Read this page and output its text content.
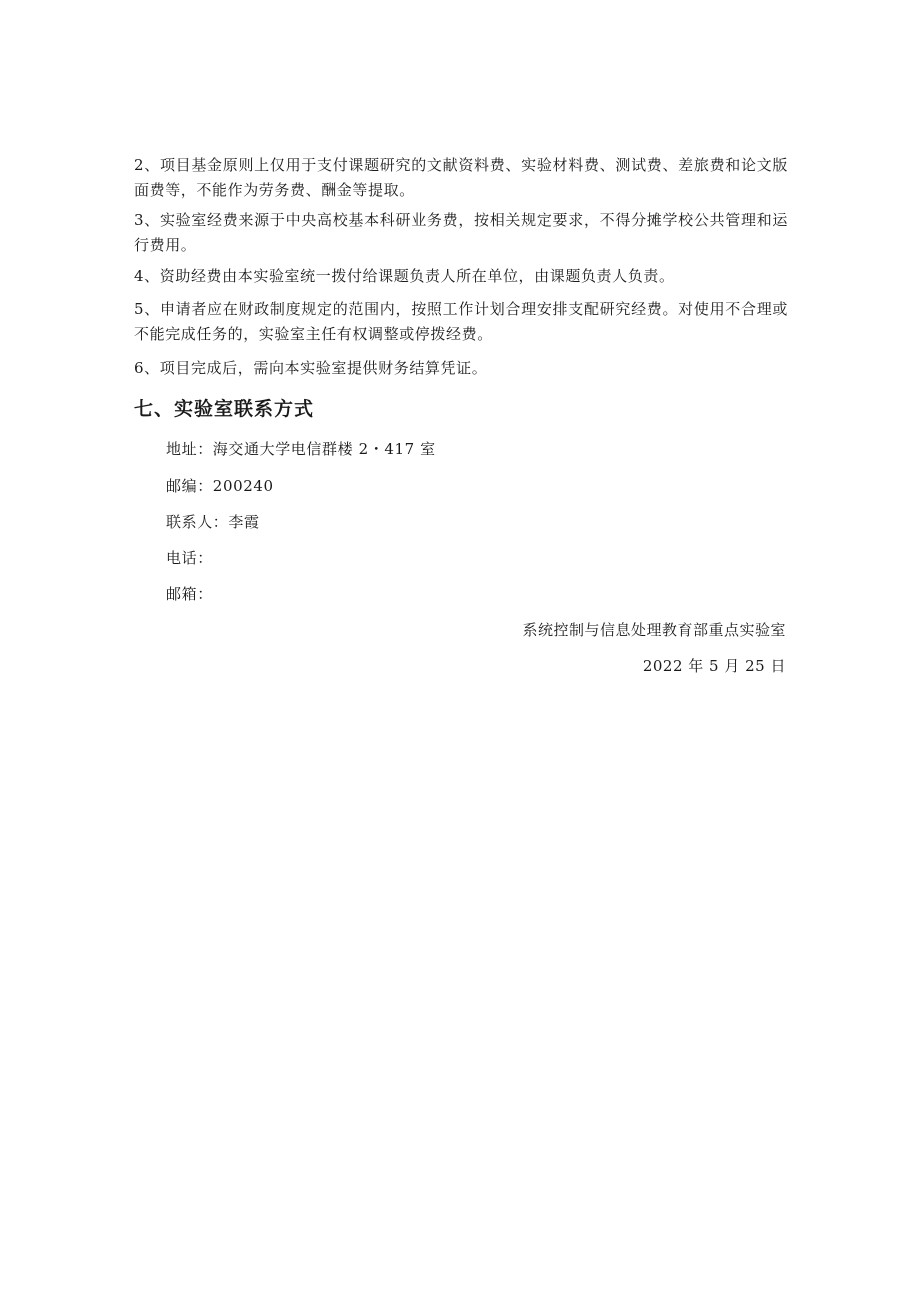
2、项目基金原则上仅用于支付课题研究的文献资料费、实验材料费、测试费、差旅费和论文版面费等，不能作为劳务费、酬金等提取。

3、实验室经费来源于中央高校基本科研业务费，按相关规定要求，不得分摊学校公共管理和运行费用。

4、资助经费由本实验室统一拨付给课题负责人所在单位，由课题负责人负责。

5、申请者应在财政制度规定的范围内，按照工作计划合理安排支配研究经费。对使用不合理或不能完成任务的，实验室主任有权调整或停拨经费。

6、项目完成后，需向本实验室提供财务结算凭证。

七、实验室联系方式

地址：海交通大学电信群楼 2・417 室

邮编：200240

联系人：李霞

电话：

邮箱：

系统控制与信息处理教育部重点实验室

2022 年 5 月 25 日
